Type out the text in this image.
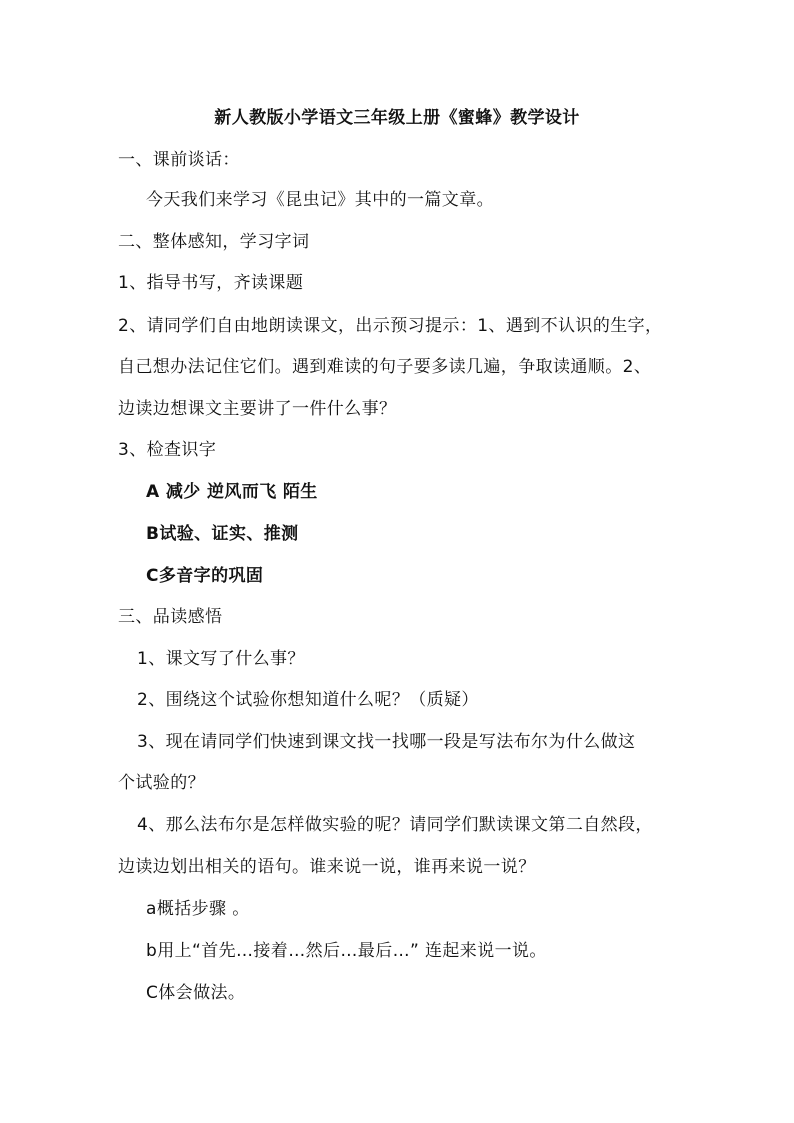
新人教版小学语文三年级上册《蜜蜂》教学设计
一、课前谈话：
今天我们来学习《昆虫记》其中的一篇文章。
二、整体感知，学习字词
1、指导书写，齐读课题
2、请同学们自由地朗读课文，出示预习提示：1、遇到不认识的生字，
自己想办法记住它们。遇到难读的句子要多读几遍，争取读通顺。2、
边读边想课文主要讲了一件什么事？
3、检查识字
A 减少 逆风而飞 陌生
B试验、证实、推测
C多音字的巩固
三、品读感悟
1、课文写了什么事？
2、围绕这个试验你想知道什么呢？（质疑）
3、现在请同学们快速到课文找一找哪一段是写法布尔为什么做这
个试验的？
4、那么法布尔是怎样做实验的呢？请同学们默读课文第二自然段，
边读边划出相关的语句。谁来说一说，谁再来说一说？
a概括步骤 。
b用上“首先…接着…然后…最后…” 连起来说一说。
C体会做法。
